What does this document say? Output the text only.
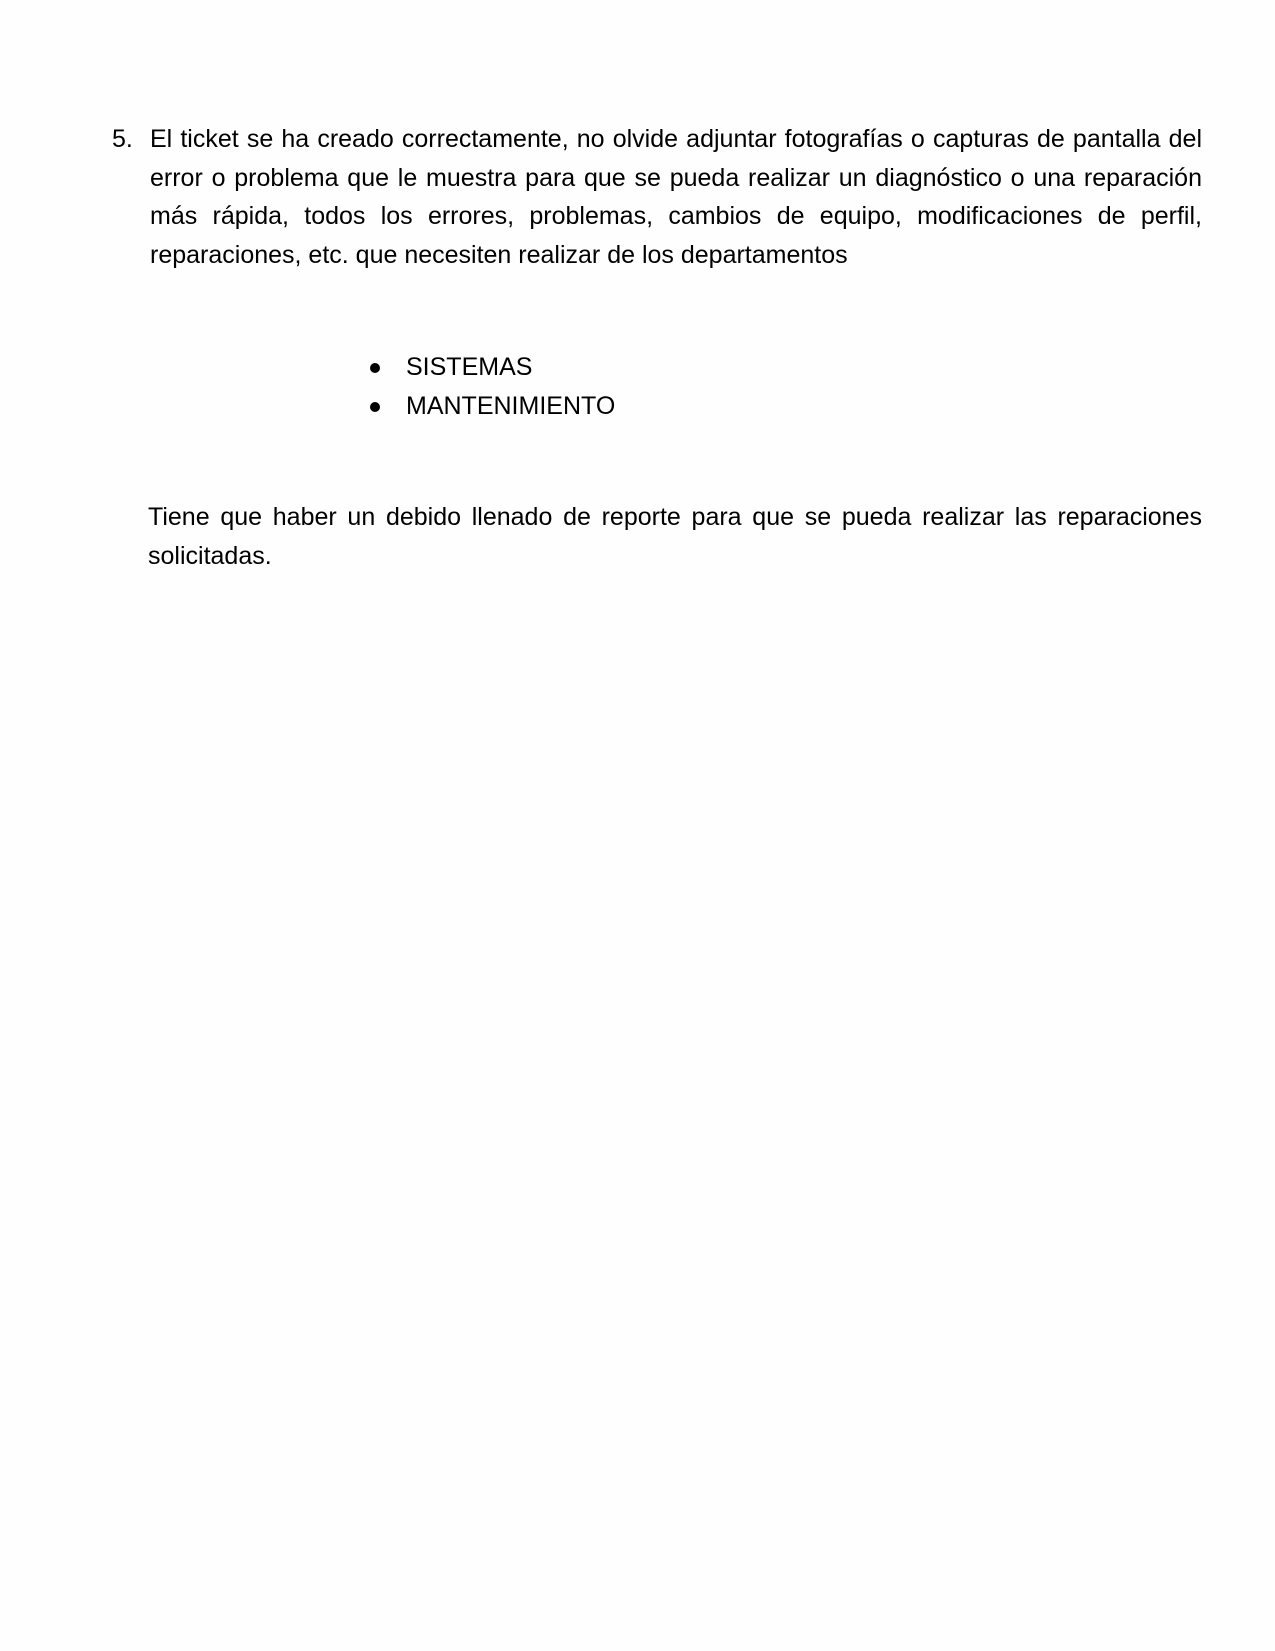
5. El ticket se ha creado correctamente, no olvide adjuntar fotografías o capturas de pantalla del error o problema que le muestra para que se pueda realizar un diagnóstico o una reparación más rápida, todos los errores, problemas, cambios de equipo, modificaciones de perfil, reparaciones, etc. que necesiten realizar de los departamentos
SISTEMAS
MANTENIMIENTO

Tiene que haber un debido llenado de reporte para que se pueda realizar las reparaciones solicitadas.
